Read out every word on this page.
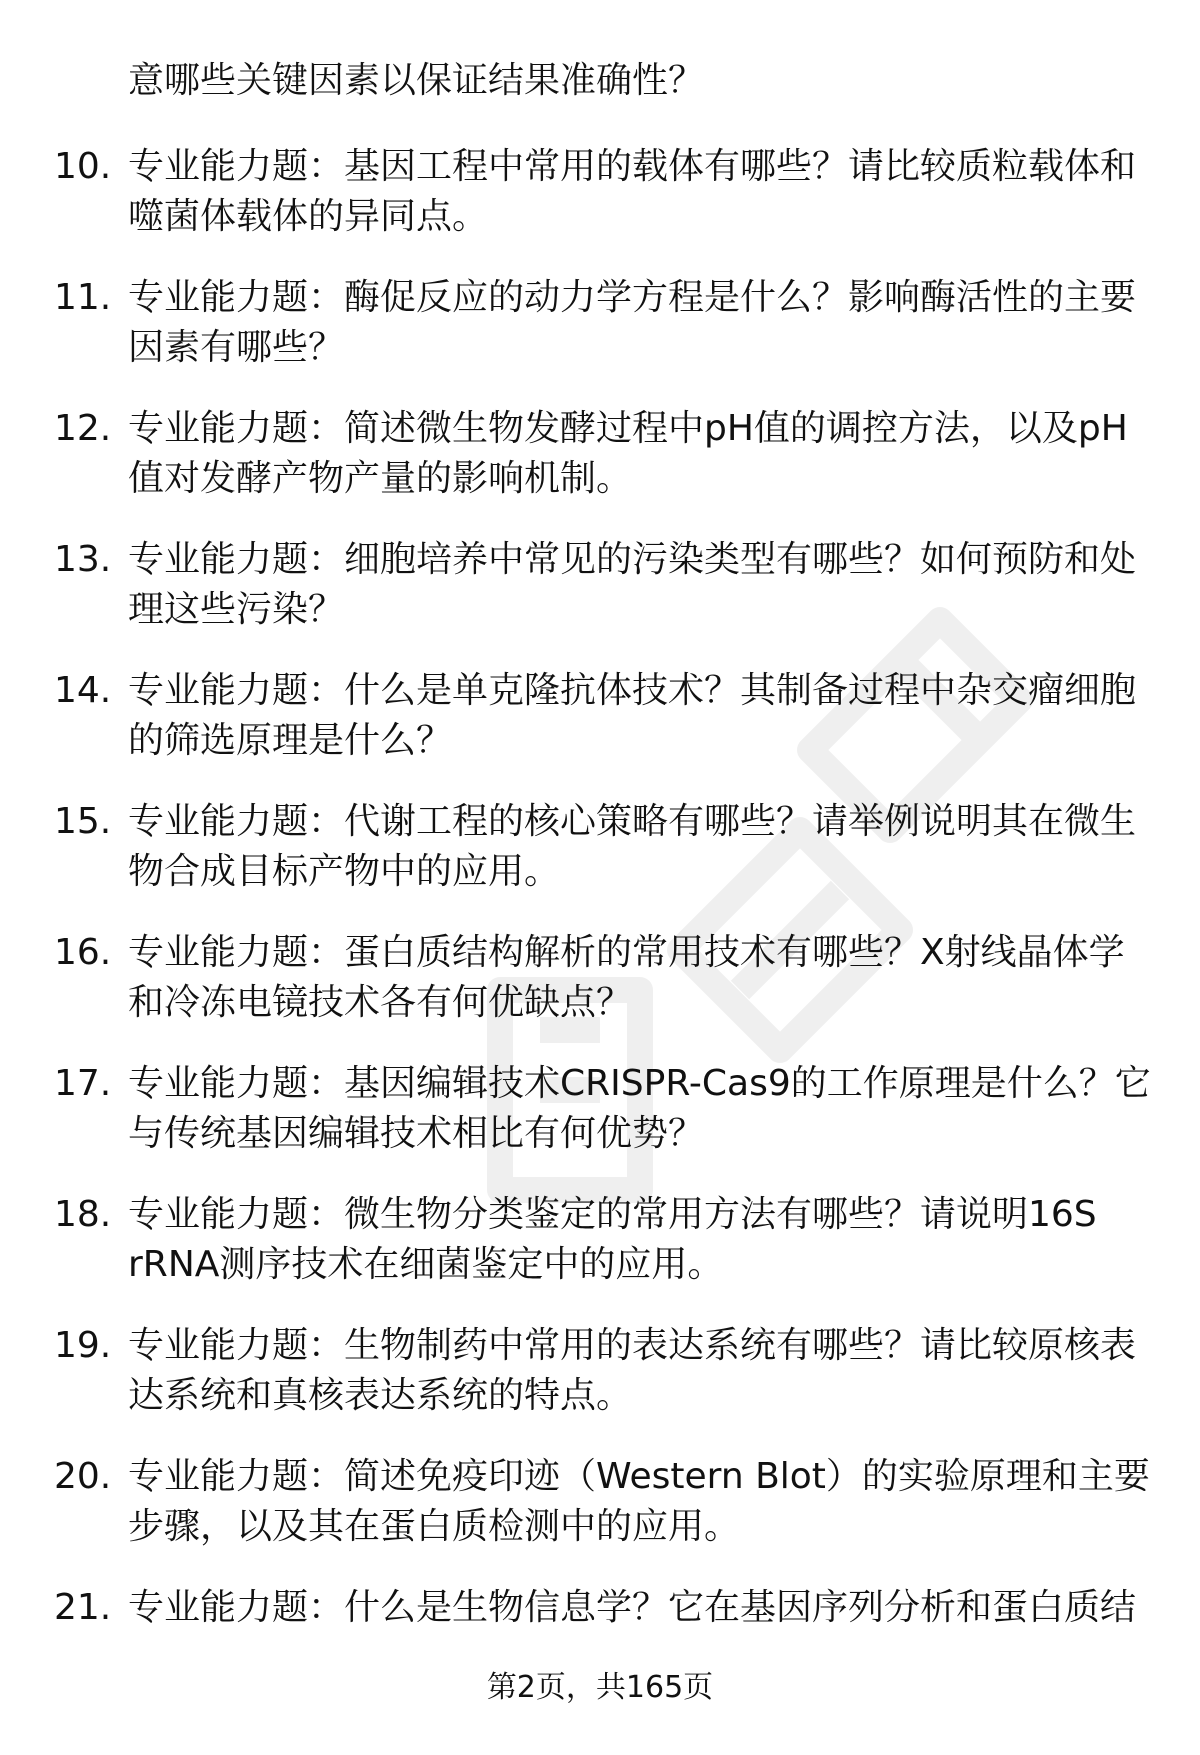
意哪些关键因素以保证结果准确性？
10. 专业能力题：基因工程中常用的载体有哪些？请比较质粒载体和
噬菌体载体的异同点。
11. 专业能力题：酶促反应的动力学方程是什么？影响酶活性的主要
因素有哪些？
12. 专业能力题：简述微生物发酵过程中pH值的调控方法，以及pH
值对发酵产物产量的影响机制。
13. 专业能力题：细胞培养中常见的污染类型有哪些？如何预防和处
理这些污染？
14. 专业能力题：什么是单克隆抗体技术？其制备过程中杂交瘤细胞
的筛选原理是什么？
15. 专业能力题：代谢工程的核心策略有哪些？请举例说明其在微生
物合成目标产物中的应用。
16. 专业能力题：蛋白质结构解析的常用技术有哪些？X射线晶体学
和冷冻电镜技术各有何优缺点？
17. 专业能力题：基因编辑技术CRISPR-Cas9的工作原理是什么？它
与传统基因编辑技术相比有何优势？
18. 专业能力题：微生物分类鉴定的常用方法有哪些？请说明16S
rRNA测序技术在细菌鉴定中的应用。
19. 专业能力题：生物制药中常用的表达系统有哪些？请比较原核表
达系统和真核表达系统的特点。
20. 专业能力题：简述免疫印迹（Western Blot）的实验原理和主要
步骤，以及其在蛋白质检测中的应用。
21. 专业能力题：什么是生物信息学？它在基因序列分析和蛋白质结
第2页，共165页
